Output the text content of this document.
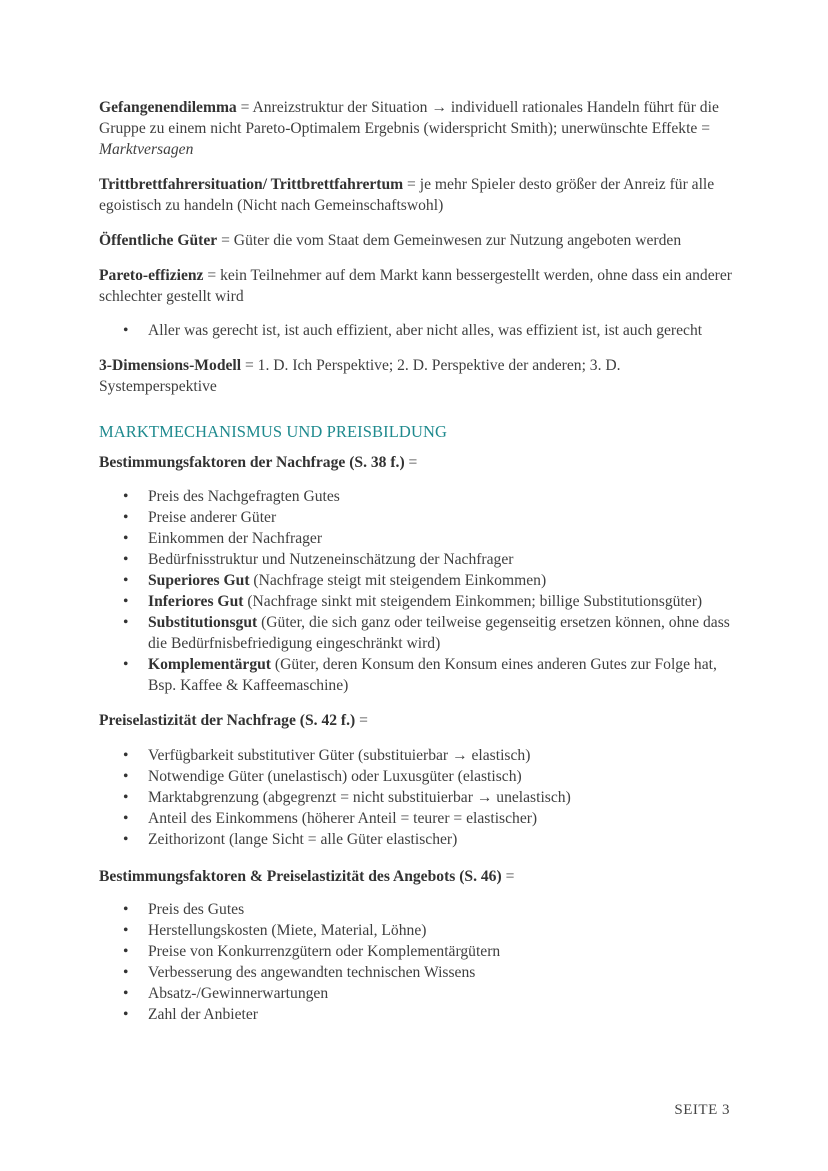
Gefangenendilemma = Anreizstruktur der Situation → individuell rationales Handeln führt für die Gruppe zu einem nicht Pareto-Optimalem Ergebnis (widerspricht Smith); unerwünschte Effekte = Marktversagen

Trittbrettfahrersituation/ Trittbrettfahrertum = je mehr Spieler desto größer der Anreiz für alle egoistisch zu handeln (Nicht nach Gemeinschaftswohl)

Öffentliche Güter = Güter die vom Staat dem Gemeinwesen zur Nutzung angeboten werden

Pareto-effizienz = kein Teilnehmer auf dem Markt kann bessergestellt werden, ohne dass ein anderer schlechter gestellt wird

• Aller was gerecht ist, ist auch effizient, aber nicht alles, was effizient ist, ist auch gerecht

3-Dimensions-Modell = 1. D. Ich Perspektive; 2. D. Perspektive der anderen; 3. D. Systemperspektive

MARKTMECHANISMUS UND PREISBILDUNG

Bestimmungsfaktoren der Nachfrage (S. 38 f.) =

• Preis des Nachgefragten Gutes
• Preise anderer Güter
• Einkommen der Nachfrager
• Bedürfnisstruktur und Nutzeneinschätzung der Nachfrager
• Superiores Gut (Nachfrage steigt mit steigendem Einkommen)
• Inferiores Gut (Nachfrage sinkt mit steigendem Einkommen; billige Substitutionsgüter)
• Substitutionsgut (Güter, die sich ganz oder teilweise gegenseitig ersetzen können, ohne dass die Bedürfnisbefriedigung eingeschränkt wird)
• Komplementärgut (Güter, deren Konsum den Konsum eines anderen Gutes zur Folge hat, Bsp. Kaffee & Kaffeemaschine)

Preiselastizität der Nachfrage (S. 42 f.) =

• Verfügbarkeit substitutiver Güter (substituierbar → elastisch)
• Notwendige Güter (unelastisch) oder Luxusgüter (elastisch)
• Marktabgrenzung (abgegrenzt = nicht substituierbar → unelastisch)
• Anteil des Einkommens (höherer Anteil = teurer = elastischer)
• Zeithorizont (lange Sicht = alle Güter elastischer)

Bestimmungsfaktoren & Preiselastizität des Angebots (S. 46) =

• Preis des Gutes
• Herstellungskosten (Miete, Material, Löhne)
• Preise von Konkurrenzgütern oder Komplementärgütern
• Verbesserung des angewandten technischen Wissens
• Absatz-/Gewinnerwartungen
• Zahl der Anbieter
SEITE 3
